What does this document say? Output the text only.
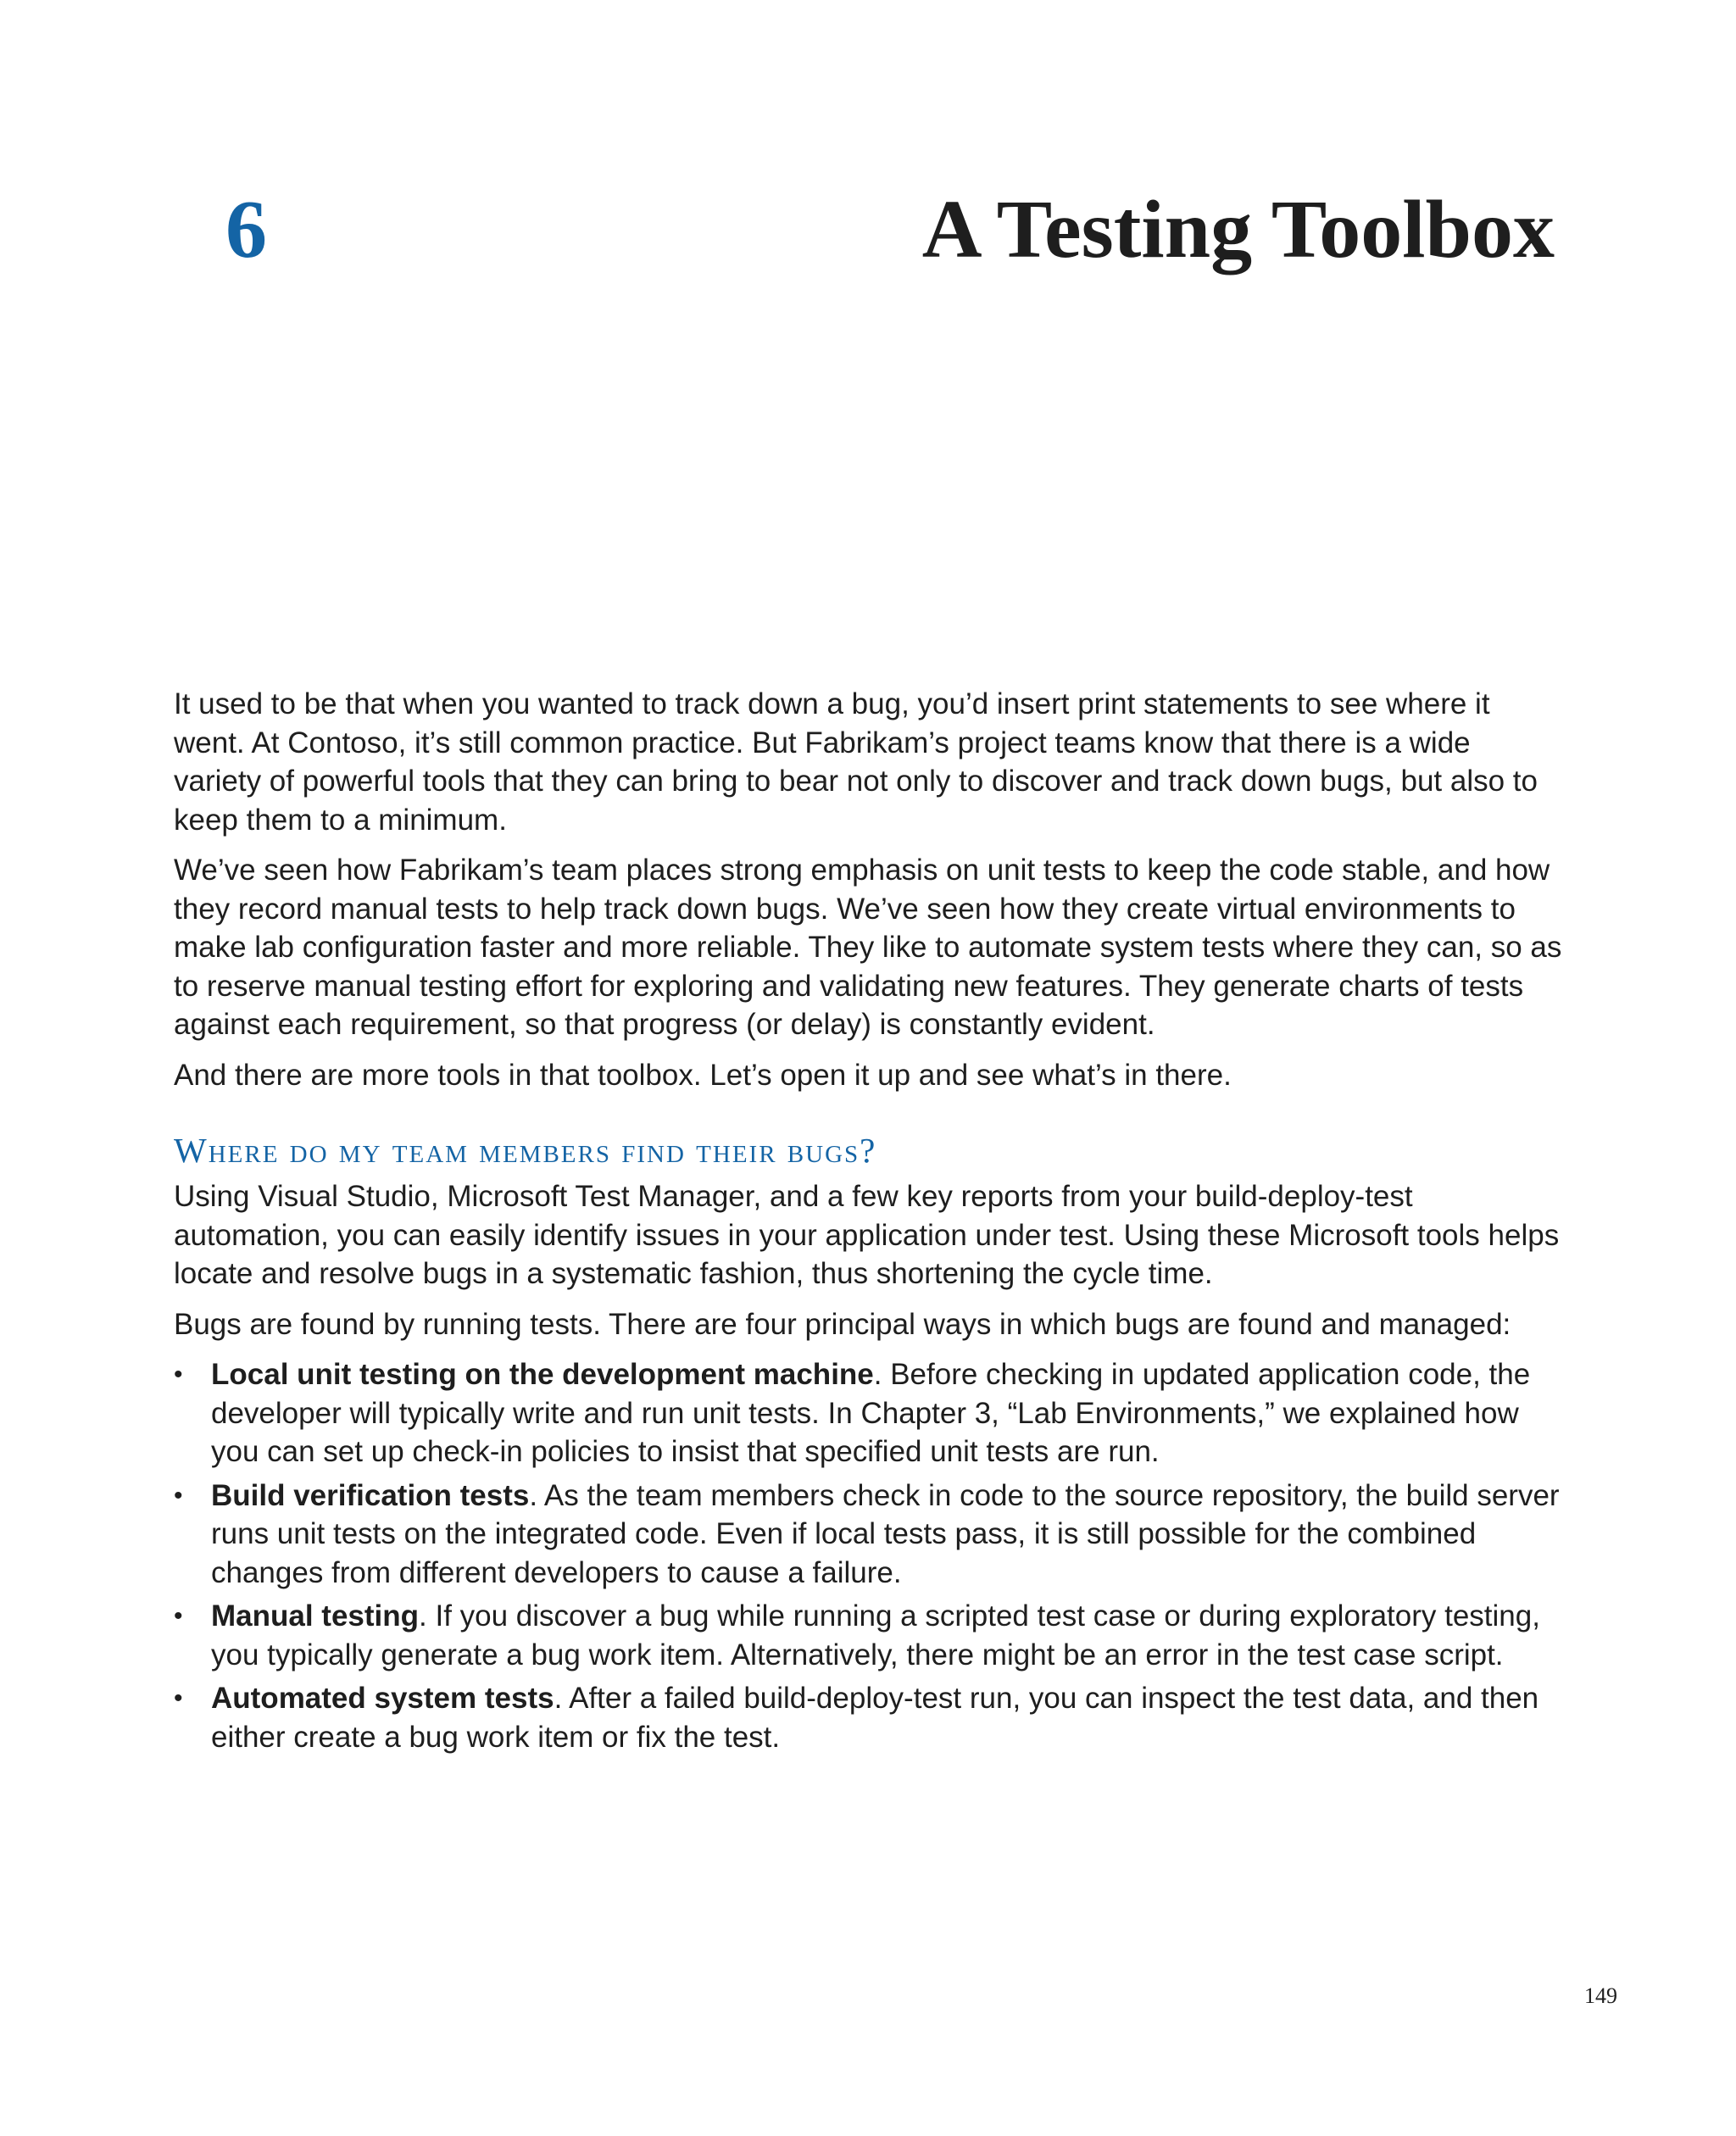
6	A Testing Toolbox

It used to be that when you wanted to track down a bug, you’d insert print statements to see where it went. At Contoso, it’s still common practice. But Fabrikam’s project teams know that there is a wide variety of powerful tools that they can bring to bear not only to discover and track down bugs, but also to keep them to a minimum.

We’ve seen how Fabrikam’s team places strong emphasis on unit tests to keep the code stable, and how they record manual tests to help track down bugs. We’ve seen how they create virtual environments to make lab configuration faster and more reliable. They like to automate system tests where they can, so as to reserve manual testing effort for exploring and validating new features. They generate charts of tests against each requirement, so that progress (or delay) is constantly evident.

And there are more tools in that toolbox. Let’s open it up and see what’s in there.

Where do my team members find their bugs?

Using Visual Studio, Microsoft Test Manager, and a few key reports from your build-deploy-test automation, you can easily identify issues in your application under test. Using these Microsoft tools helps locate and resolve bugs in a systematic fashion, thus shortening the cycle time.

Bugs are found by running tests. There are four principal ways in which bugs are found and managed:

• Local unit testing on the development machine. Before checking in updated application code, the developer will typically write and run unit tests. In Chapter 3, “Lab Environments,” we explained how you can set up check-in policies to insist that specified unit tests are run.
• Build verification tests. As the team members check in code to the source repository, the build server runs unit tests on the integrated code. Even if local tests pass, it is still possible for the combined changes from different developers to cause a failure.
• Manual testing. If you discover a bug while running a scripted test case or during exploratory testing, you typically generate a bug work item. Alternatively, there might be an error in the test case script.
• Automated system tests. After a failed build-deploy-test run, you can inspect the test data, and then either create a bug work item or fix the test.
149
